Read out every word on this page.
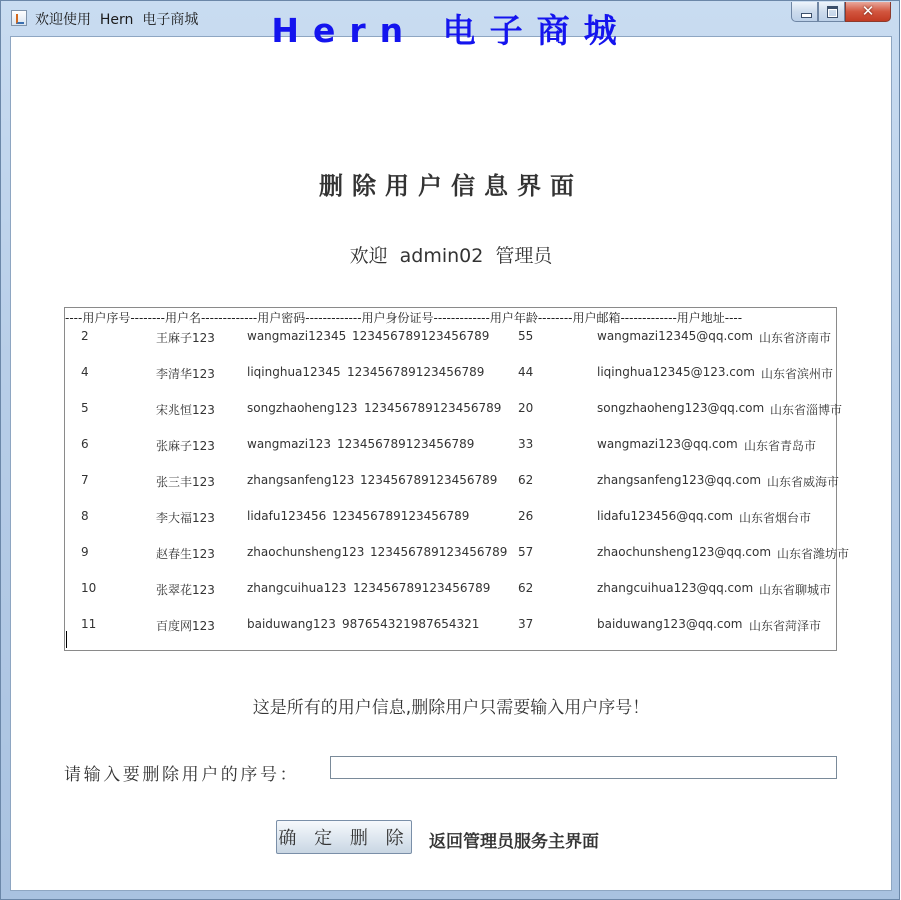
欢迎使用  Hern  电子商城	✕
Hern 电子商城
删除用户信息界面
欢迎  admin02  管理员
----用户序号--------用户名-------------用户密码-------------用户身份证号-------------用户年龄--------用户邮箱-------------用户地址----
2	王麻子123	wangmazi12345 123456789123456789 55	wangmazi12345@qq.com 山东省济南市
4	李清华123	liqinghua12345 123456789123456789	44	liqinghua12345@123.com 山东省滨州市
5	宋兆恒123	songzhaoheng123 123456789123456789 20	songzhaoheng123@qq.com 山东省淄博市
6	张麻子123	wangmazi123 123456789123456789	33	wangmazi123@qq.com 山东省青岛市
7	张三丰123	zhangsanfeng123 123456789123456789 62	zhangsanfeng123@qq.com 山东省威海市
8	李大福123	lidafu123456 123456789123456789	26	lidafu123456@qq.com 山东省烟台市
9	赵春生123	zhaochunsheng123 123456789123456789 57	zhaochunsheng123@qq.com 山东省潍坊市
10	张翠花123	zhangcuihua123 123456789123456789 62	zhangcuihua123@qq.com 山东省聊城市
11	百度网123	baiduwang123 987654321987654321	37	baiduwang123@qq.com 山东省菏泽市
这是所有的用户信息,删除用户只需要输入用户序号！
请输入要删除用户的序号：
确 定 删 除 返回管理员服务主界面
